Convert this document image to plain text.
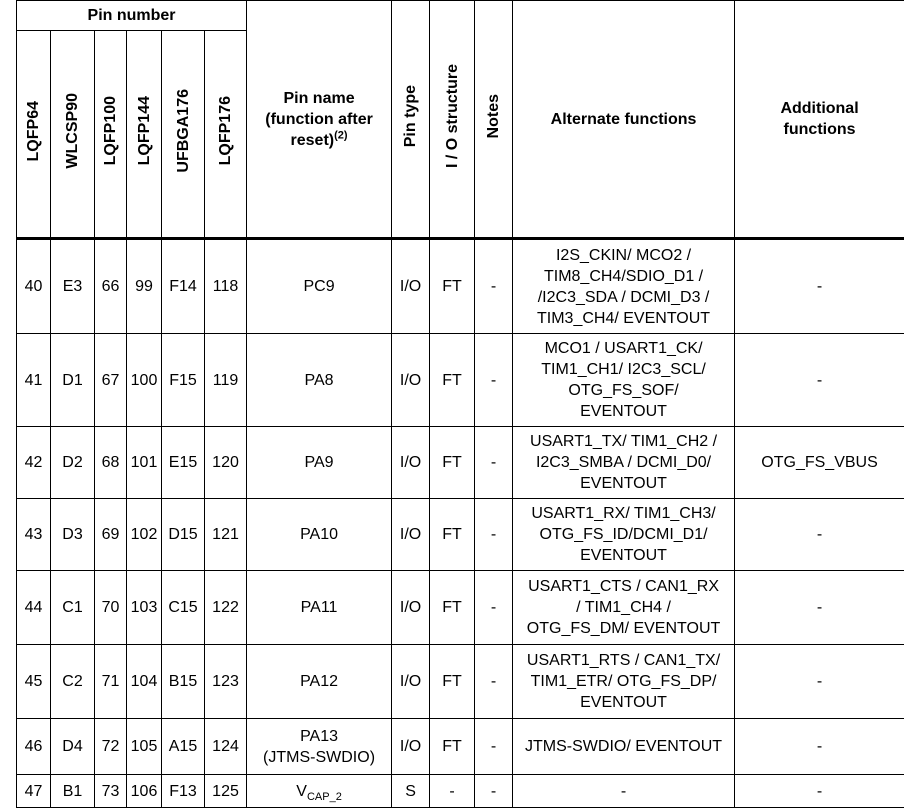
Pin number						Pin name
(function after
reset)$^{(2)}$	Pin type	I / O structure	Notes	Alternate functions	Additional functions
LQFP64	WLCSP90	LQFP100	LQFP144	UFBGA176	LQFP176						
40	E3	66	99	F14	118	PC9	I/O	FT	-	I2S_CKIN/ MCO2 /
TIM8_CH4/SDIO_D1 /
/I2C3_SDA / DCMI_D3 /
TIM3_CH4/ EVENTOUT	-
41	D1	67	100	F15	119	PA8	I/O	FT	-	MCO1 / USART1_CK/
TIM1_CH1/ I2C3_SCL/
OTG_FS_SOF/
EVENTOUT	-
42	D2	68	101	E15	120	PA9	I/O	FT	-	USART1_TX/ TIM1_CH2 /
I2C3_SMBA / DCMI_D0/
EVENTOUT	OTG_FS_VBUS
43	D3	69	102	D15	121	PA10	I/O	FT	-	USART1_RX/ TIM1_CH3/
OTG_FS_ID/DCMI_D1/
EVENTOUT	-
44	C1	70	103	C15	122	PA11	I/O	FT	-	USART1_CTS / CAN1_RX
/ TIM1_CH4 /
OTG_FS_DM/ EVENTOUT	-
45	C2	71	104	B15	123	PA12	I/O	FT	-	USART1_RTS / CAN1_TX/
TIM1_ETR/ OTG_FS_DP/
EVENTOUT	-
46	D4	72	105	A15	124	PA13
(JTMS-SWDIO)	I/O	FT	-	JTMS-SWDIO/ EVENTOUT	-
47	B1	73	106	F13	125	$V_{CAP\_2}$	S	-	-	-	-
